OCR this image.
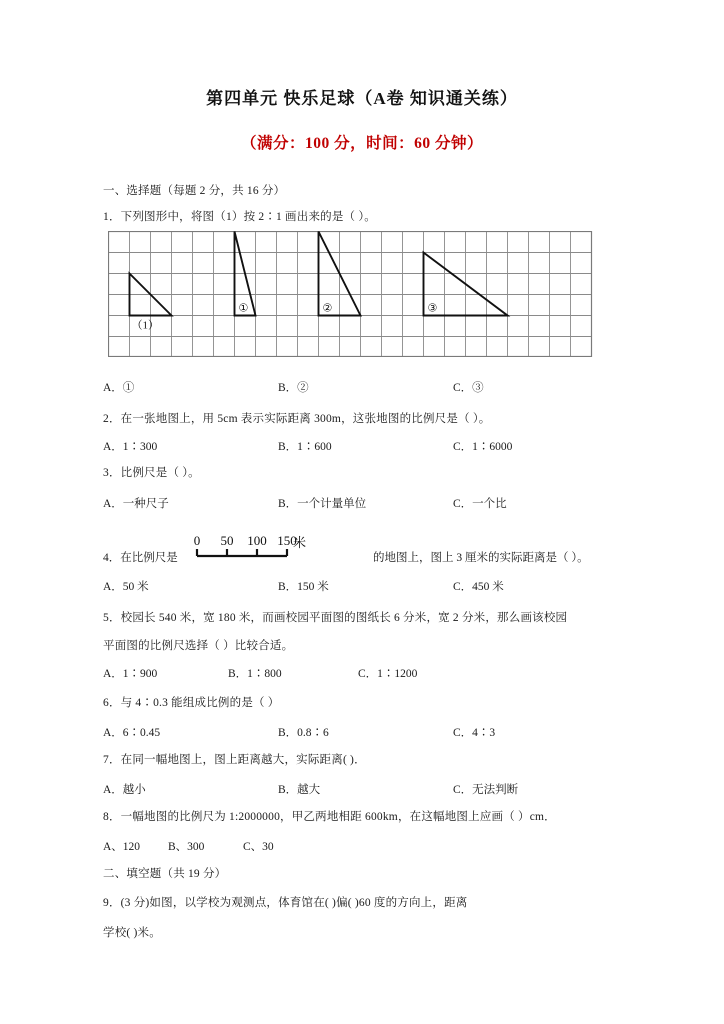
第四单元 快乐足球（A卷 知识通关练）
（满分：100 分，时间：60 分钟）
一、选择题（每题 2 分，共 16 分）
1．下列图形中，将图（1）按 2∶1 画出来的是（ ）。
（1）
①	②	③
A．①	B．②	C．③
2．在一张地图上，用 5cm 表示实际距离 300m，这张地图的比例尺是（ ）。
A．1∶300	B．1∶600	C．1∶6000
3．比例尺是（ ）。
A．一种尺子	B．一个计量单位	C．一个比
4．在比例尺是
0 50 100 150
米
的地图上，图上 3 厘米的实际距离是（ ）。
A．50 米	B．150 米	C．450 米
5．校园长 540 米，宽 180 米，而画校园平面图的图纸长 6 分米，宽 2 分米，那么画该校园
平面图的比例尺选择（ ）比较合适。
A．1∶900	B．1∶800	C．1∶1200
6．与 4∶0.3 能组成比例的是（ ）
A．6∶0.45	B．0.8∶6	C．4∶3
7．在同一幅地图上，图上距离越大，实际距离( )．
A．越小	B．越大	C．无法判断
8．一幅地图的比例尺为 1:2000000，甲乙两地相距 600km，在这幅地图上应画（ ）cm．
A、120 B、300	C、30
二、填空题（共 19 分）
9．(3 分)如图，以学校为观测点，体育馆在( )偏( )60 度的方向上，距离
学校( )米。
